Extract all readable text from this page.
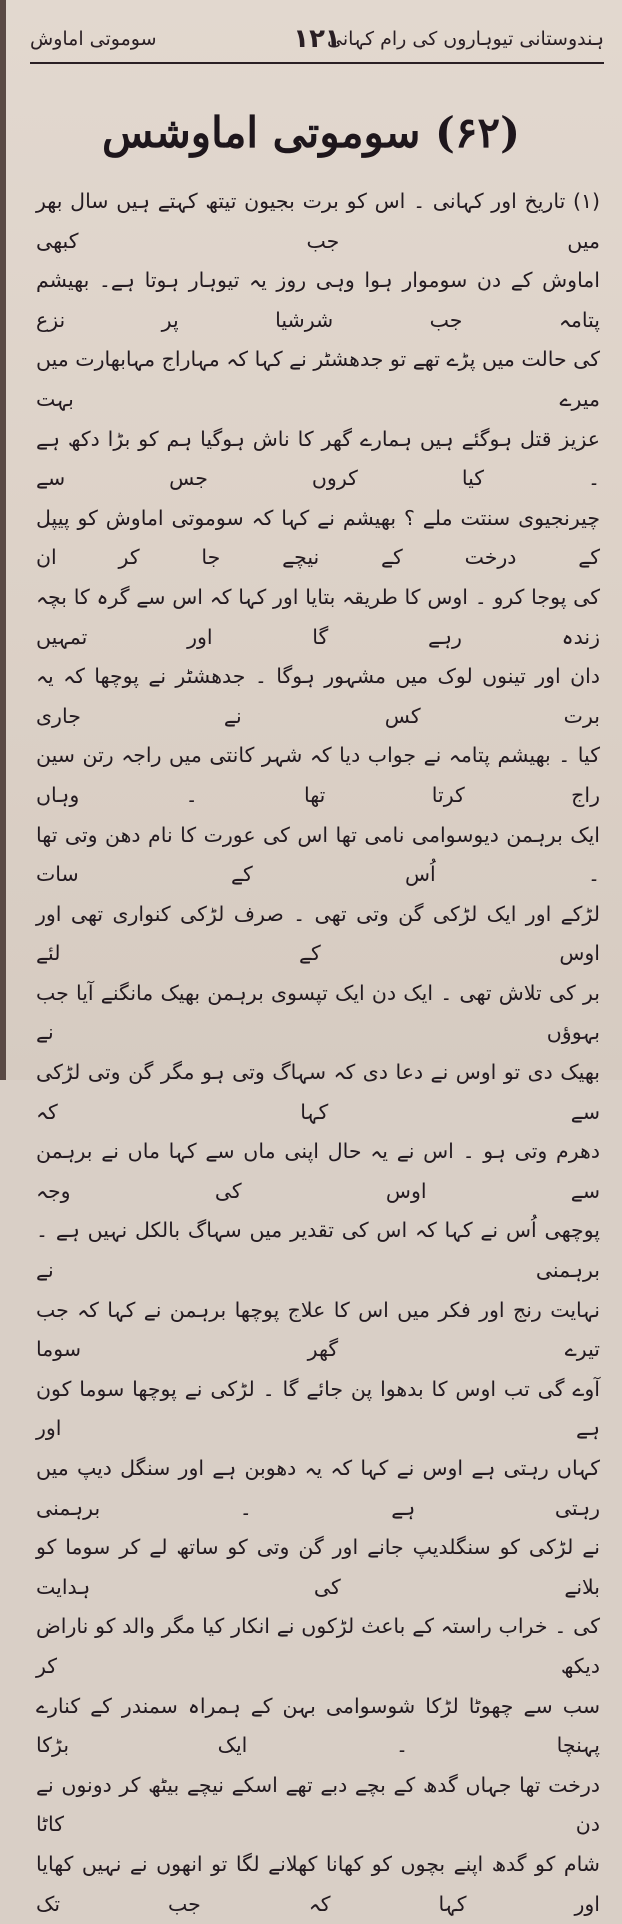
ہندوستانی تیوہاروں کی رام کہانی
۱۲۱
سوموتی اماوش
(۶۲) سوموتی اماوشس

(۱) تاریخ اور کہانی ۔ اس کو برت بجیون تیتھ کہتے ہیں سال بھر میں جب کبھی

اماوش کے دن سوموار ہوا وہی روز یہ تیوہار ہوتا ہے۔ بھیشم پتامہ جب شرشیا پر نزع

کی حالت میں پڑے تھے تو جدھشٹر نے کہا کہ مہاراج مہابھارت میں میرے بہت

عزیز قتل ہوگئے ہیں ہمارے گھر کا ناش ہوگیا ہم کو بڑا دکھ ہے ۔ کیا کروں جس سے

چیرنجیوی سنتت ملے ؟ بھیشم نے کہا کہ سوموتی اماوش کو پیپل کے درخت کے نیچے جا کر ان

کی پوجا کرو ۔ اوس کا طریقہ بتایا اور کہا کہ اس سے گرہ کا بچہ زندہ رہے گا اور تمہیں

دان اور تینوں لوک میں مشہور ہوگا ۔ جدھشٹر نے پوچھا کہ یہ برت کس نے جاری

کیا ۔ بھیشم پتامہ نے جواب دیا کہ شہر کانتی میں راجہ رتن سین راج کرتا تھا ۔ وہاں

ایک برہمن دیوسوامی نامی تھا اس کی عورت کا نام دھن وتی تھا ۔ اُس کے سات

لڑکے اور ایک لڑکی گن وتی تھی ۔ صرف لڑکی کنواری تھی اور اوس کے لئے

بر کی تلاش تھی ۔ ایک دن ایک تپسوی برہمن بھیک مانگنے آیا جب بہوؤں نے

بھیک دی تو اوس نے دعا دی کہ سہاگ وتی ہو مگر گن وتی لڑکی سے کہا کہ

دھرم وتی ہو ۔ اس نے یہ حال اپنی ماں سے کہا ماں نے برہمن سے اوس کی وجہ

پوچھی اُس نے کہا کہ اس کی تقدیر میں سہاگ بالکل نہیں ہے ۔ برہمنی نے

نہایت رنج اور فکر میں اس کا علاج پوچھا برہمن نے کہا کہ جب تیرے گھر سوما

آوے گی تب اوس کا بدھوا پن جائے گا ۔ لڑکی نے پوچھا سوما کون ہے اور

کہاں رہتی ہے اوس نے کہا کہ یہ دھوبن ہے اور سنگل دیپ میں رہتی ہے ۔ برہمنی

نے لڑکی کو سنگلدیپ جانے اور گن وتی کو ساتھ لے کر سوما کو بلانے کی ہدایت

کی ۔ خراب راستہ کے باعث لڑکوں نے انکار کیا مگر والد کو ناراض دیکھ کر

سب سے چھوٹا لڑکا شوسوامی بہن کے ہمراہ سمندر کے کنارے پہنچا ۔ ایک بڑکا

درخت تھا جہاں گدھ کے بچے دبے تھے اسکے نیچے بیٹھ کر دونوں نے دن کاٹا

شام کو گدھ اپنے بچوں کو کھانا کھلانے لگا تو انھوں نے نہیں کھایا اور کہا کہ جب تک
